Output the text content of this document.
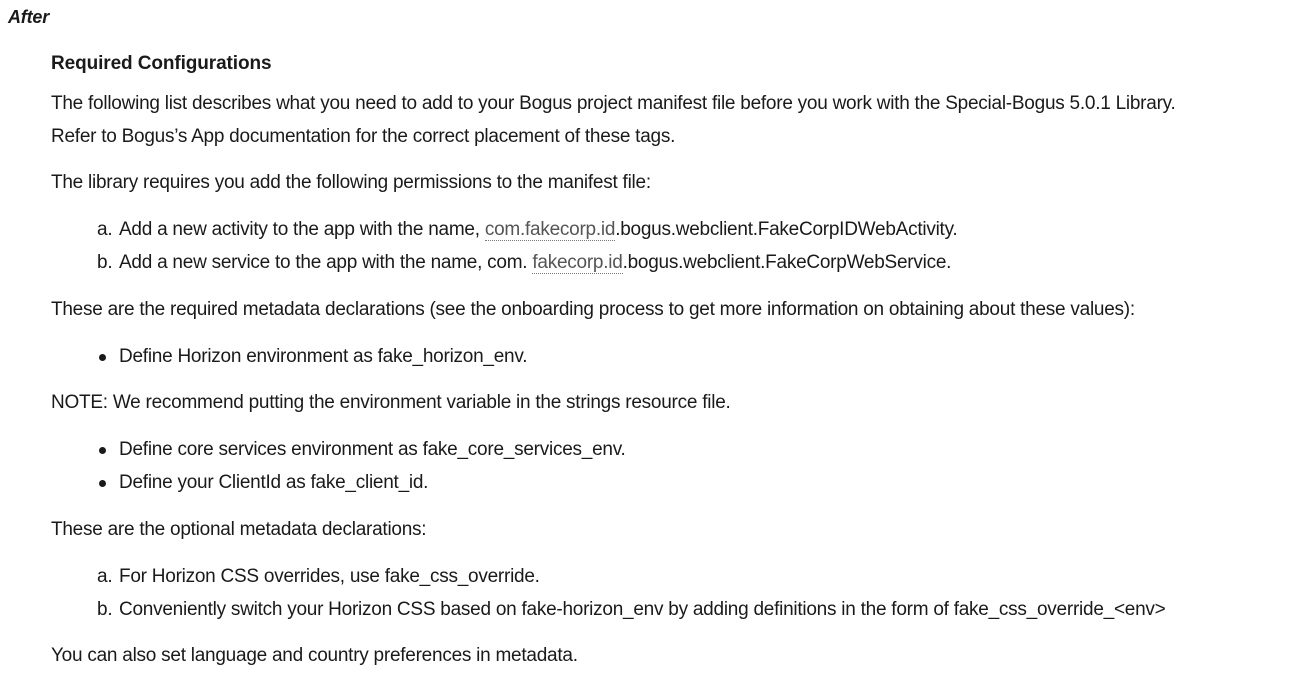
After
Required Configurations

The following list describes what you need to add to your Bogus project manifest file before you work with the Special-Bogus 5.0.1 Library.

Refer to Bogus’s App documentation for the correct placement of these tags.

The library requires you add the following permissions to the manifest file:

a. Add a new activity to the app with the name, com.fakecorp.id.bogus.webclient.FakeCorpIDWebActivity.
b. Add a new service to the app with the name, com. fakecorp.id.bogus.webclient.FakeCorpWebService.

These are the required metadata declarations (see the onboarding process to get more information on obtaining about these values):

Define Horizon environment as fake_horizon_env.

NOTE: We recommend putting the environment variable in the strings resource file.

Define core services environment as fake_core_services_env.
Define your ClientId as fake_client_id.

These are the optional metadata declarations:

a. For Horizon CSS overrides, use fake_css_override.
b. Conveniently switch your Horizon CSS based on fake-horizon_env by adding definitions in the form of fake_css_override_<env>

You can also set language and country preferences in metadata.
